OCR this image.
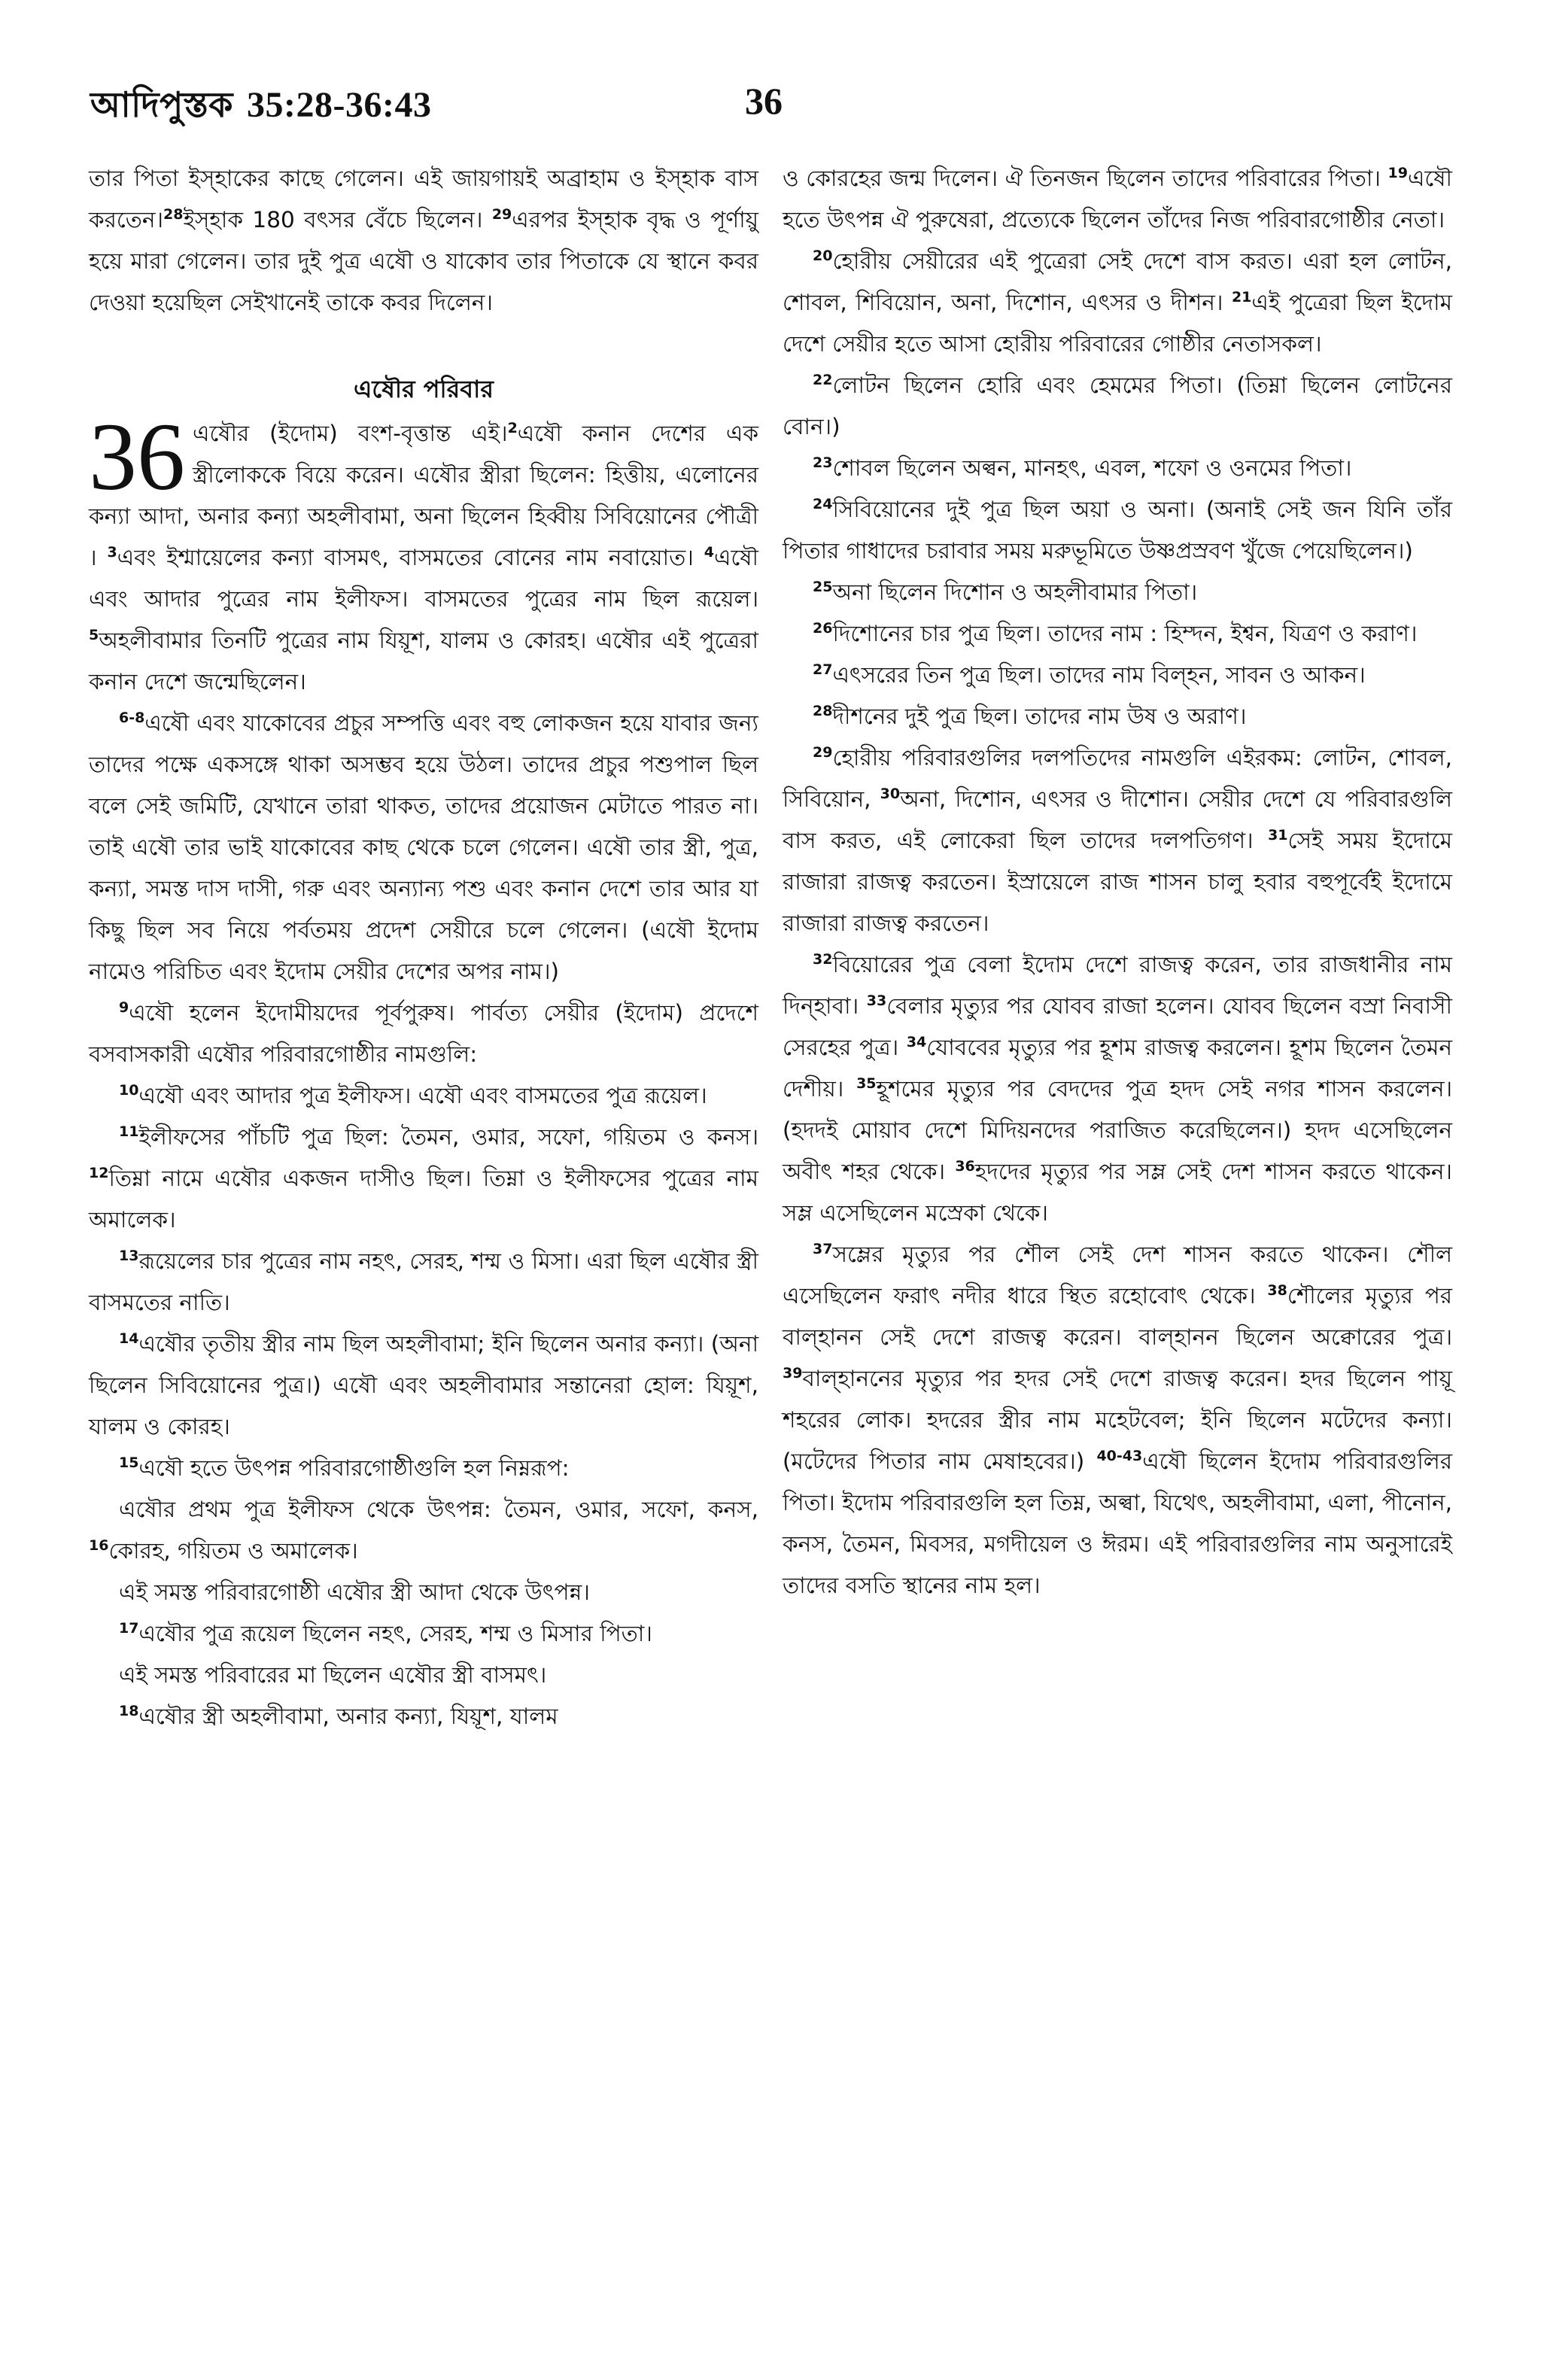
আদিপুস্তক 35:28-36:43	36

তার পিতা ইস্হাকের কাছে গেলেন। এই জায়গায়ই অব্রাহাম ও ইস্হাক বাস করতেন।$^{28}$ইস্হাক 180 বৎসর বেঁচে ছিলেন। $^{29}$এরপর ইস্হাক বৃদ্ধ ও পূর্ণায়ু হয়ে মারা গেলেন। তার দুই পুত্র এষৌ ও যাকোব তার পিতাকে যে স্থানে কবর দেওয়া হয়েছিল সেইখানেই তাকে কবর দিলেন।

এষৌর পরিবার

36 এষৌর (ইদোম) বংশ-বৃত্তান্ত এই।$^2$এষৌ কনান দেশের এক স্ত্রীলোককে বিয়ে করেন। এষৌর স্ত্রীরা ছিলেন: হিত্তীয়, এলোনের কন্যা আদা, অনার কন্যা অহলীবামা, অনা ছিলেন হিব্বীয় সিবিয়োনের পৌত্রী । $^3$এবং ইশ্মায়েলের কন্যা বাসমৎ, বাসমতের বোনের নাম নবায়োত। $^4$এষৌ এবং আদার পুত্রের নাম ইলীফস। বাসমতের পুত্রের নাম ছিল রূয়েল। $^5$অহলীবামার তিনটি পুত্রের নাম যিয়ূশ, যালম ও কোরহ। এষৌর এই পুত্রেরা কনান দেশে জন্মেছিলেন।

$^{6-8}$এষৌ এবং যাকোবের প্রচুর সম্পত্তি এবং বহু লোকজন হয়ে যাবার জন্য তাদের পক্ষে একসঙ্গে থাকা অসম্ভব হয়ে উঠল। তাদের প্রচুর পশুপাল ছিল বলে সেই জমিটি, যেখানে তারা থাকত, তাদের প্রয়োজন মেটাতে পারত না। তাই এষৌ তার ভাই যাকোবের কাছ থেকে চলে গেলেন। এষৌ তার স্ত্রী, পুত্র, কন্যা, সমস্ত দাস দাসী, গরু এবং অন্যান্য পশু এবং কনান দেশে তার আর যা কিছু ছিল সব নিয়ে পর্বতময় প্রদেশ সেয়ীরে চলে গেলেন। (এষৌ ইদোম নামেও পরিচিত এবং ইদোম সেয়ীর দেশের অপর নাম।)

$^9$এষৌ হলেন ইদোমীয়দের পূর্বপুরুষ। পার্বত্য সেয়ীর (ইদোম) প্রদেশে বসবাসকারী এষৌর পরিবারগোষ্ঠীর নামগুলি:

$^{10}$এষৌ এবং আদার পুত্র ইলীফস। এষৌ এবং বাসমতের পুত্র রূয়েল।

$^{11}$ইলীফসের পাঁচটি পুত্র ছিল: তৈমন, ওমার, সফো, গয়িতম ও কনস।$^{12}$তিম্না নামে এষৌর একজন দাসীও ছিল। তিম্না ও ইলীফসের পুত্রের নাম অমালেক।

$^{13}$রূয়েলের চার পুত্রের নাম নহৎ, সেরহ, শম্ম ও মিসা। এরা ছিল এষৌর স্ত্রী বাসমতের নাতি।

$^{14}$এষৌর তৃতীয় স্ত্রীর নাম ছিল অহলীবামা; ইনি ছিলেন অনার কন্যা। (অনা ছিলেন সিবিয়োনের পুত্র।) এষৌ এবং অহলীবামার সন্তানেরা হোল: যিয়ূশ, যালম ও কোরহ।

$^{15}$এষৌ হতে উৎপন্ন পরিবারগোষ্ঠীগুলি হল নিম্নরূপ:

এষৌর প্রথম পুত্র ইলীফস থেকে উৎপন্ন: তৈমন, ওমার, সফো, কনস, $^{16}$কোরহ, গয়িতম ও অমালেক।

এই সমস্ত পরিবারগোষ্ঠী এষৌর স্ত্রী আদা থেকে উৎপন্ন।

$^{17}$এষৌর পুত্র রূয়েল ছিলেন নহৎ, সেরহ, শম্ম ও মিসার পিতা।

এই সমস্ত পরিবারের মা ছিলেন এষৌর স্ত্রী বাসমৎ।

$^{18}$এষৌর স্ত্রী অহলীবামা, অনার কন্যা, যিয়ূশ, যালম

ও কোরহের জন্ম দিলেন। ঐ তিনজন ছিলেন তাদের পরিবারের পিতা। $^{19}$এষৌ হতে উৎপন্ন ঐ পুরুষেরা, প্রত্যেকে ছিলেন তাঁদের নিজ পরিবারগোষ্ঠীর নেতা।

$^{20}$হোরীয় সেয়ীরের এই পুত্রেরা সেই দেশে বাস করত। এরা হল লোটন, শোবল, শিবিয়োন, অনা, দিশোন, এৎসর ও দীশন। $^{21}$এই পুত্রেরা ছিল ইদোম দেশে সেয়ীর হতে আসা হোরীয় পরিবারের গোষ্ঠীর নেতাসকল।

$^{22}$লোটন ছিলেন হোরি এবং হেমমের পিতা। (তিম্না ছিলেন লোটনের বোন।)

$^{23}$শোবল ছিলেন অল্বন, মানহৎ, এবল, শফো ও ওনমের পিতা।

$^{24}$সিবিয়োনের দুই পুত্র ছিল অয়া ও অনা। (অনাই সেই জন যিনি তাঁর পিতার গাধাদের চরাবার সময় মরুভূমিতে উষ্ণপ্রস্রবণ খুঁজে পেয়েছিলেন।)

$^{25}$অনা ছিলেন দিশোন ও অহলীবামার পিতা।

$^{26}$দিশোনের চার পুত্র ছিল। তাদের নাম : হিম্দন, ইশ্বন, যিত্রণ ও করাণ।

$^{27}$এৎসরের তিন পুত্র ছিল। তাদের নাম বিল্হন, সাবন ও আকন।

$^{28}$দীশনের দুই পুত্র ছিল। তাদের নাম উষ ও অরাণ।

$^{29}$হোরীয় পরিবারগুলির দলপতিদের নামগুলি এইরকম: লোটন, শোবল, সিবিয়োন, $^{30}$অনা, দিশোন, এৎসর ও দীশোন। সেয়ীর দেশে যে পরিবারগুলি বাস করত, এই লোকেরা ছিল তাদের দলপতিগণ। $^{31}$সেই সময় ইদোমে রাজারা রাজত্ব করতেন। ইস্রায়েলে রাজ শাসন চালু হবার বহুপূর্বেই ইদোমে রাজারা রাজত্ব করতেন।

$^{32}$বিয়োরের পুত্র বেলা ইদোম দেশে রাজত্ব করেন, তার রাজধানীর নাম দিন্হাবা। $^{33}$বেলার মৃত্যুর পর যোবব রাজা হলেন। যোবব ছিলেন বস্রা নিবাসী সেরহের পুত্র। $^{34}$যোববের মৃত্যুর পর হূশম রাজত্ব করলেন। হূশম ছিলেন তৈমন দেশীয়। $^{35}$হূশমের মৃত্যুর পর বেদদের পুত্র হদদ সেই নগর শাসন করলেন। (হদদই মোয়াব দেশে মিদিয়নদের পরাজিত করেছিলেন।) হদদ এসেছিলেন অবীৎ শহর থেকে। $^{36}$হদদের মৃত্যুর পর সম্ল সেই দেশ শাসন করতে থাকেন। সম্ল এসেছিলেন মস্রেকা থেকে।

$^{37}$সম্লের মৃত্যুর পর শৌল সেই দেশ শাসন করতে থাকেন। শৌল এসেছিলেন ফরাৎ নদীর ধারে স্থিত রহোবোৎ থেকে। $^{38}$শৌলের মৃত্যুর পর বাল্হানন সেই দেশে রাজত্ব করেন। বাল্হানন ছিলেন অক্বোরের পুত্র। $^{39}$বাল্হাননের মৃত্যুর পর হদর সেই দেশে রাজত্ব করেন। হদর ছিলেন পায়ূ শহরের লোক। হদরের স্ত্রীর নাম মহেটবেল; ইনি ছিলেন মটেদের কন্যা। (মটেদের পিতার নাম মেষাহবের।) $^{40-43}$এষৌ ছিলেন ইদোম পরিবারগুলির পিতা। ইদোম পরিবারগুলি হল তিম্ন, অল্বা, যিথেৎ, অহলীবামা, এলা, পীনোন, কনস, তৈমন, মিবসর, মগদীয়েল ও ঈরম। এই পরিবারগুলির নাম অনুসারেই তাদের বসতি স্থানের নাম হল।
